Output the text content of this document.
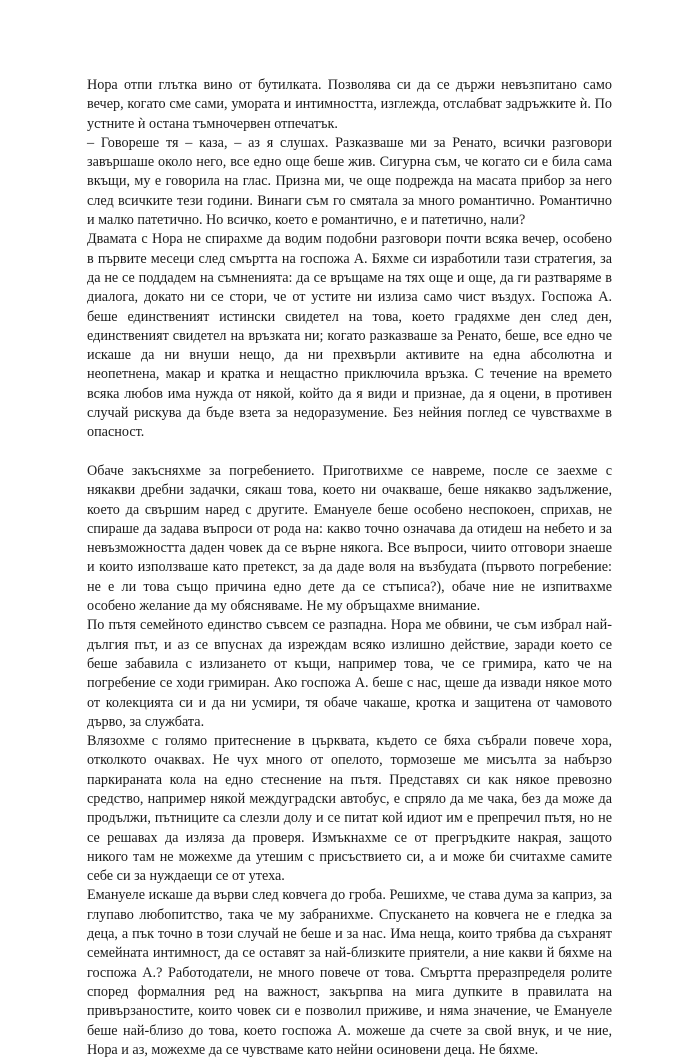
Нора отпи глътка вино от бутилката. Позволява си да се държи невъзпитано само вечер, когато сме сами, умората и интимността, изглежда, отслабват задръжките ѝ. По устните ѝ остана тъмночервен отпечатък.

– Говореше тя – каза, – аз я слушах. Разказваше ми за Ренато, всички разговори завършаше около него, все едно още беше жив. Сигурна съм, че когато си е била сама вкъщи, му е говорила на глас. Призна ми, че още подрежда на масата прибор за него след всичките тези години. Винаги съм го смятала за много романтично. Романтично и малко патетично. Но всичко, което е романтично, е и патетично, нали?

Двамата с Нора не спирахме да водим подобни разговори почти всяка вечер, особено в първите месеци след смъртта на госпожа А. Бяхме си изработили тази стратегия, за да не се поддадем на съмненията: да се връщаме на тях още и още, да ги разтваряме в диалога, докато ни се стори, че от устите ни излиза само чист въздух. Госпожа А. беше единственият истински свидетел на това, което градяхме ден след ден, единственият свидетел на връзката ни; когато разказваше за Ренато, беше, все едно че искаше да ни внуши нещо, да ни прехвърли активите на една абсолютна и неопетнена, макар и кратка и нещастно приключила връзка. С течение на времето всяка любов има нужда от някой, който да я види и признае, да я оцени, в противен случай рискува да бъде взета за недоразумение. Без нейния поглед се чувствахме в опасност.

Обаче закъсняхме за погребението. Приготвихме се навреме, после се заехме с някакви дребни задачки, сякаш това, което ни очакваше, беше някакво задължение, което да свършим наред с другите. Емануеле беше особено неспокоен, сприхав, не спираше да задава въпроси от рода на: какво точно означава да отидеш на небето и за невъзможността даден човек да се върне някога. Все въпроси, чиито отговори знаеше и които използваше като претекст, за да даде воля на възбудата (първото погребение: не е ли това също причина едно дете да се стъписа?), обаче ние не изпитвахме особено желание да му обясняваме. Не му обръщахме внимание.

По пътя семейното единство съвсем се разпадна. Нора ме обвини, че съм избрал най-дългия път, и аз се впуснах да изреждам всяко излишно действие, заради което се беше забавила с излизането от къщи, например това, че се гримира, като че на погребение се ходи гримиран. Ако госпожа А. беше с нас, щеше да извади някое мото от колекцията си и да ни усмири, тя обаче чакаше, кротка и защитена от чамовото дърво, за службата.

Влязохме с голямо притеснение в църквата, където се бяха събрали повече хора, отколкото очаквах. Не чух много от опелото, тормозеше ме мисълта за набързо паркираната кола на едно стеснение на пътя. Представях си как някое превозно средство, например някой междуградски автобус, е спряло да ме чака, без да може да продължи, пътниците са слезли долу и се питат кой идиот им е препречил пътя, но не се решавах да изляза да проверя. Измъкнахме се от прегръдките накрая, защото никого там не можехме да утешим с присъствието си, а и може би считахме самите себе си за нуждаещи се от утеха.

Емануеле искаше да върви след ковчега до гроба. Решихме, че става дума за каприз, за глупаво любопитство, така че му забранихме. Спускането на ковчега не е гледка за деца, а пък точно в този случай не беше и за нас. Има неща, които трябва да съхранят семейната интимност, да се оставят за най-близките приятели, а ние какви й бяхме на госпожа А.? Работодатели, не много повече от това. Смъртта преразпределя ролите според формалния ред на важност, закърпва на мига дупките в правилата на привързаностите, които човек си е позволил приживе, и няма значение, че Емануеле беше най-близо до това, което госпожа А. можеше да счете за свой внук, и че ние, Нора и аз, можехме да се чувстваме като нейни осиновени деца. Не бяхме.
